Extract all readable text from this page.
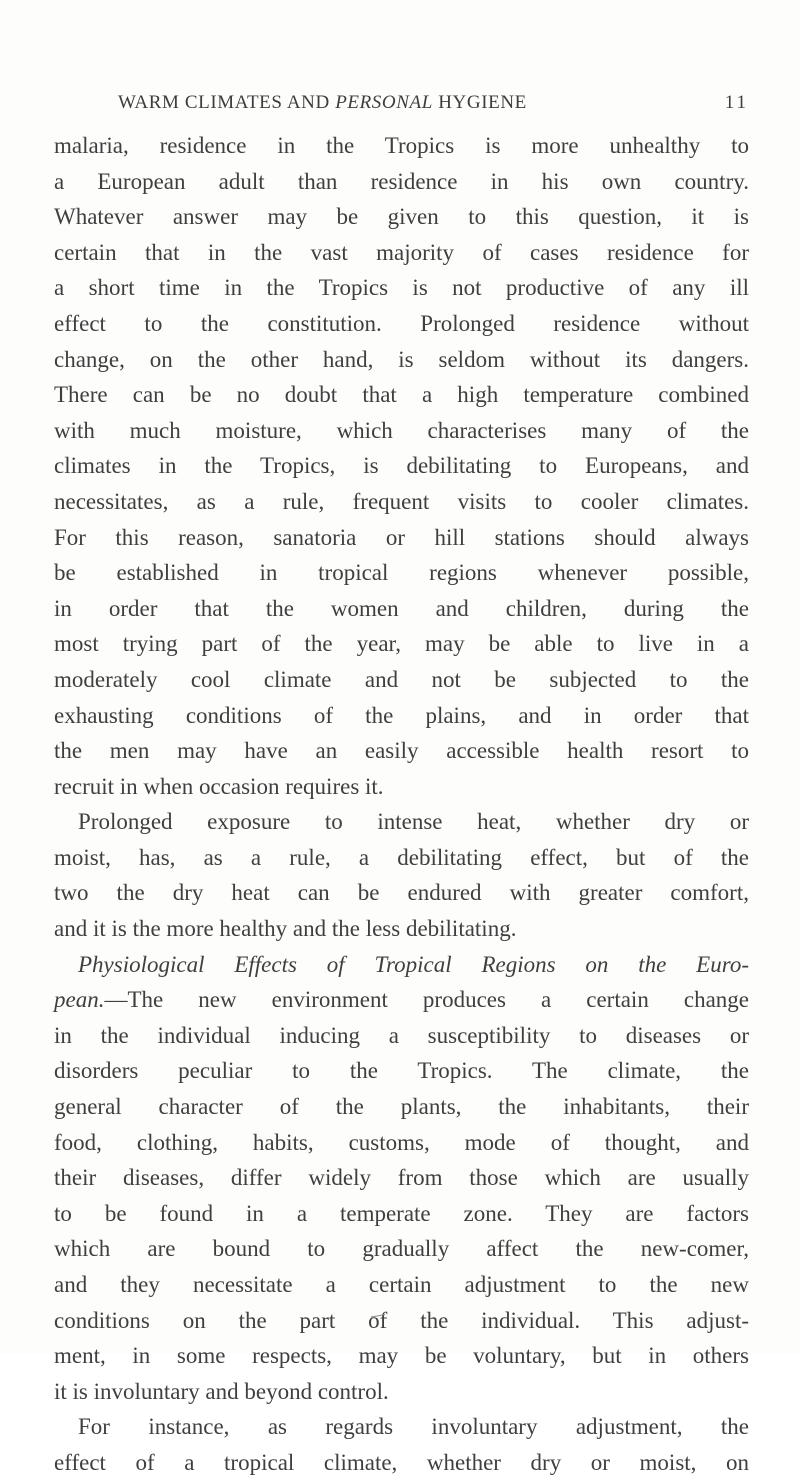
WARM CLIMATES AND PERSONAL HYGIENE	11
malaria, residence in the Tropics is more unhealthy to
a European adult than residence in his own country.
Whatever answer may be given to this question, it is
certain that in the vast majority of cases residence for
a short time in the Tropics is not productive of any ill
effect to the constitution. Prolonged residence without
change, on the other hand, is seldom without its dangers.
There can be no doubt that a high temperature combined
with much moisture, which characterises many of the
climates in the Tropics, is debilitating to Europeans, and
necessitates, as a rule, frequent visits to cooler climates.
For this reason, sanatoria or hill stations should always
be established in tropical regions whenever possible,
in order that the women and children, during the
most trying part of the year, may be able to live in a
moderately cool climate and not be subjected to the
exhausting conditions of the plains, and in order that
the men may have an easily accessible health resort to
recruit in when occasion requires it.
Prolonged exposure to intense heat, whether dry or
moist, has, as a rule, a debilitating effect, but of the
two the dry heat can be endured with greater comfort,
and it is the more healthy and the less debilitating.
Physiological Effects of Tropical Regions on the Euro-
pean.—The new environment produces a certain change
in the individual inducing a susceptibility to diseases or
disorders peculiar to the Tropics. The climate, the
general character of the plants, the inhabitants, their
food, clothing, habits, customs, mode of thought, and
their diseases, differ widely from those which are usually
to be found in a temperate zone. They are factors
which are bound to gradually affect the new-comer,
and they necessitate a certain adjustment to the new
conditions on the part of the individual. This adjust-
ment, in some respects, may be voluntary, but in others
it is involuntary and beyond control.
For instance, as regards involuntary adjustment, the
effect of a tropical climate, whether dry or moist, on
